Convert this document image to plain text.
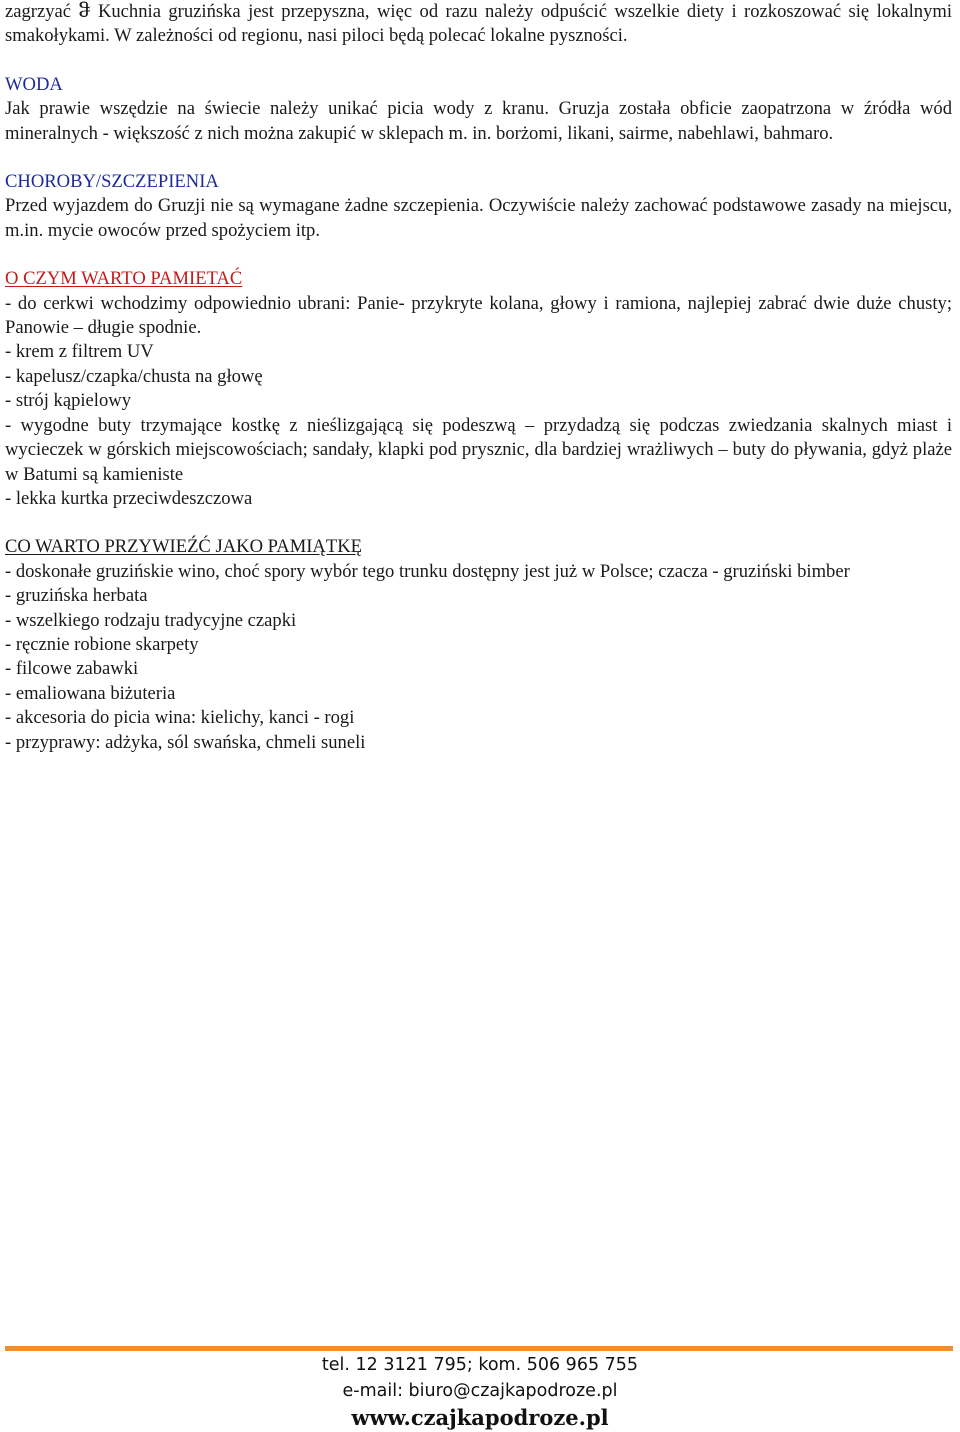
zagrzyać ჵ Kuchnia gruzińska jest przepyszna, więc od razu należy odpuścić wszelkie diety i rozkoszować się lokalnymi smakołykami. W zależności od regionu, nasi piloci będą polecać lokalne pyszności.

WODA

Jak prawie wszędzie na świecie należy unikać picia wody z kranu. Gruzja została obficie zaopatrzona w źródła wód mineralnych - większość z nich można zakupić w sklepach m. in. borżomi, likani, sairme, nabehlawi, bahmaro.

CHOROBY/SZCZEPIENIA

Przed wyjazdem do Gruzji nie są wymagane żadne szczepienia. Oczywiście należy zachować podstawowe zasady na miejscu, m.in. mycie owoców przed spożyciem itp.

O CZYM WARTO PAMIETAĆ

- do cerkwi wchodzimy odpowiednio ubrani: Panie- przykryte kolana, głowy i ramiona, najlepiej zabrać dwie duże chusty; Panowie – długie spodnie.

- krem z filtrem UV

- kapelusz/czapka/chusta na głowę

- strój kąpielowy

- wygodne buty trzymające kostkę z nieślizgającą się podeszwą – przydadzą się podczas zwiedzania skalnych miast i wycieczek w górskich miejscowościach; sandały, klapki pod prysznic, dla bardziej wrażliwych – buty do pływania, gdyż plaże w Batumi są kamieniste

- lekka kurtka przeciwdeszczowa

CO WARTO PRZYWIEŹĆ JAKO PAMIĄTKĘ

- doskonałe gruzińskie wino, choć spory wybór tego trunku dostępny jest już w Polsce; czacza - gruziński bimber

- gruzińska herbata

- wszelkiego rodzaju tradycyjne czapki

- ręcznie robione skarpety

- filcowe zabawki

- emaliowana biżuteria

- akcesoria do picia wina: kielichy, kanci - rogi

- przyprawy: adżyka, sól swańska, chmeli suneli

tel. 12 3121 795; kom. 506 965 755
e-mail: biuro@czajkapodroze.pl
www.czajkapodroze.pl
